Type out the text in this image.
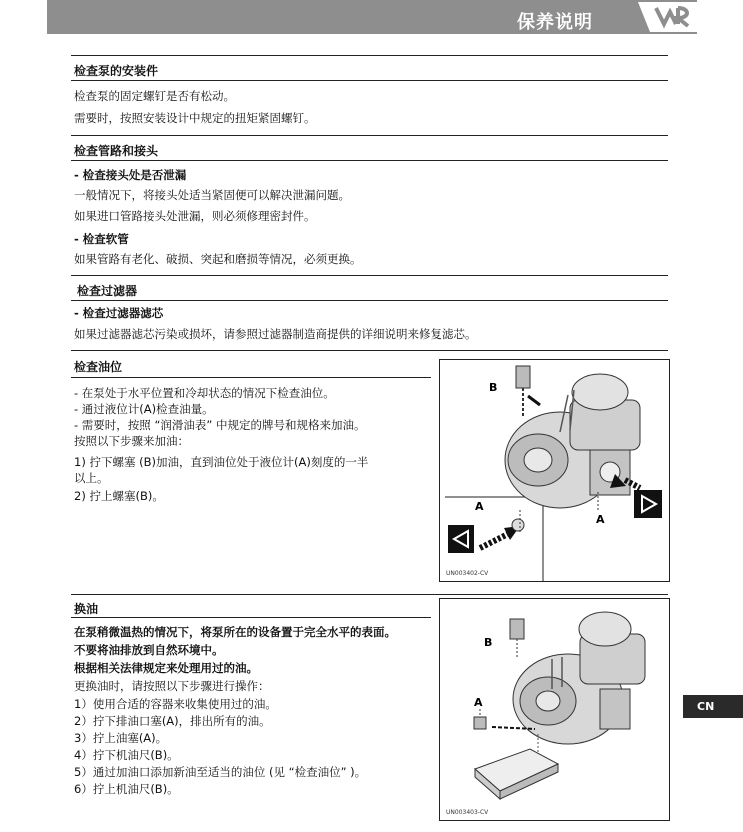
保养说明
检查泵的安装件
检查泵的固定螺钉是否有松动。
需要时，按照安装设计中规定的扭矩紧固螺钉。
检查管路和接头
- 检查接头处是否泄漏
一般情况下，将接头处适当紧固便可以解决泄漏问题。
如果进口管路接头处泄漏，则必须修理密封件。
- 检查软管
如果管路有老化、破损、突起和磨损等情况，必须更换。
检查过滤器
- 检查过滤器滤芯
如果过滤器滤芯污染或损坏，请参照过滤器制造商提供的详细说明来修复滤芯。
检查油位
- 在泵处于水平位置和冷却状态的情况下检查油位。
- 通过液位计(A)检查油量。
- 需要时，按照 “润滑油表” 中规定的牌号和规格来加油。
按照以下步骤来加油：
1) 拧下螺塞 (B)加油，直到油位处于液位计(A)刻度的一半
以上。
2) 拧上螺塞(B)。
B
A
A
UN003402-CV
换油
在泵稍微温热的情况下，将泵所在的设备置于完全水平的表面。
不要将油排放到自然环境中。
根据相关法律规定来处理用过的油。
更换油时，请按照以下步骤进行操作：
1）使用合适的容器来收集使用过的油。
2）拧下排油口塞(A)，排出所有的油。
3）拧上油塞(A)。
4）拧下机油尺(B)。
5）通过加油口添加新油至适当的油位 (见 “检查油位” )。
6）拧上机油尺(B)。
B
A
UN003403-CV
CN
